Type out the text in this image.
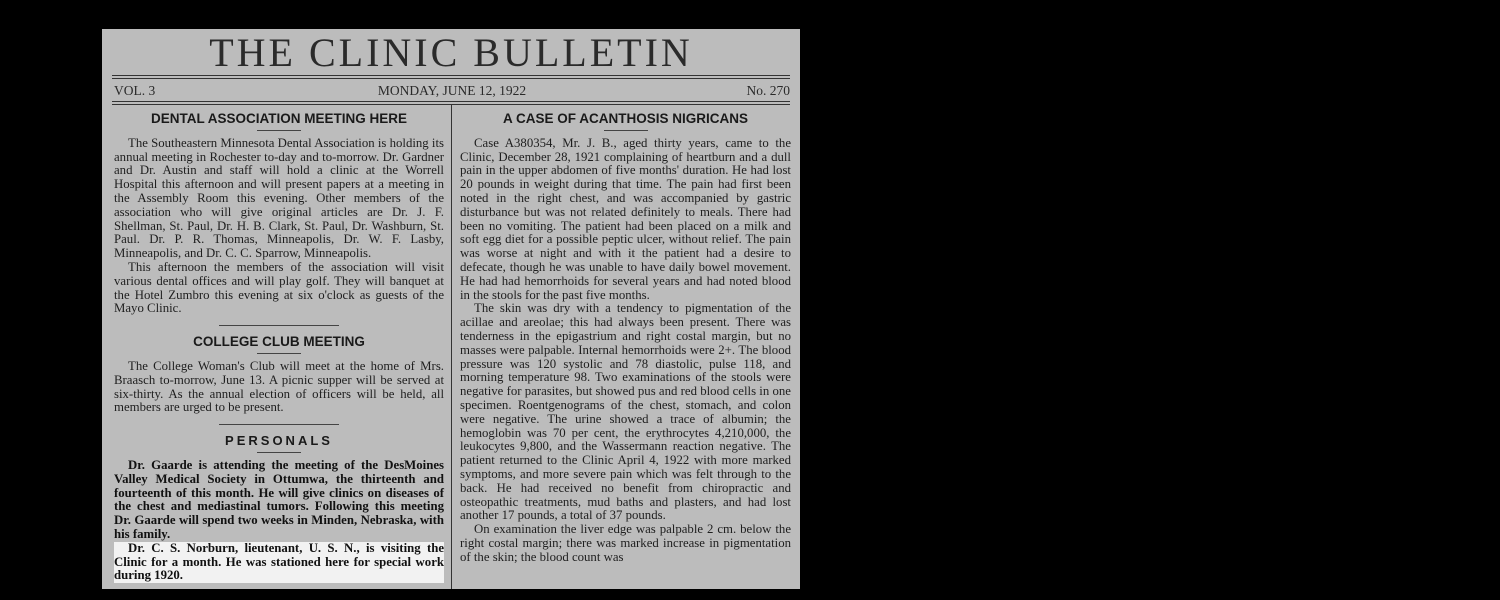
THE CLINIC BULLETIN
VOL. 3	MONDAY, JUNE 12, 1922	No. 270
DENTAL ASSOCIATION MEETING HERE

The Southeastern Minnesota Dental Association is holding its annual meeting in Rochester to-day and to-morrow. Dr. Gardner and Dr. Austin and staff will hold a clinic at the Worrell Hospital this afternoon and will present papers at a meeting in the Assembly Room this evening. Other members of the association who will give original articles are Dr. J. F. Shellman, St. Paul, Dr. H. B. Clark, St. Paul, Dr. Washburn, St. Paul. Dr. P. R. Thomas, Minneapolis, Dr. W. F. Lasby, Minneapolis, and Dr. C. C. Sparrow, Minneapolis.

This afternoon the members of the association will visit various dental offices and will play golf. They will banquet at the Hotel Zumbro this evening at six o'clock as guests of the Mayo Clinic.

COLLEGE CLUB MEETING

The College Woman's Club will meet at the home of Mrs. Braasch to-morrow, June 13. A picnic supper will be served at six-thirty. As the annual election of officers will be held, all members are urged to be present.

PERSONALS

Dr. Gaarde is attending the meeting of the DesMoines Valley Medical Society in Ottumwa, the thirteenth and fourteenth of this month. He will give clinics on diseases of the chest and mediastinal tumors. Following this meeting Dr. Gaarde will spend two weeks in Minden, Nebraska, with his family.

Dr. C. S. Norburn, lieutenant, U. S. N., is visiting the Clinic for a month. He was stationed here for special work during 1920.

A CASE OF ACANTHOSIS NIGRICANS

Case A380354, Mr. J. B., aged thirty years, came to the Clinic, December 28, 1921 complaining of heartburn and a dull pain in the upper abdomen of five months' duration. He had lost 20 pounds in weight during that time. The pain had first been noted in the right chest, and was accompanied by gastric disturbance but was not related definitely to meals. There had been no vomiting. The patient had been placed on a milk and soft egg diet for a possible peptic ulcer, without relief. The pain was worse at night and with it the patient had a desire to defecate, though he was unable to have daily bowel movement. He had had hemorrhoids for several years and had noted blood in the stools for the past five months.

The skin was dry with a tendency to pigmentation of the acillae and areolae; this had always been present. There was tenderness in the epigastrium and right costal margin, but no masses were palpable. Internal hemorrhoids were 2+. The blood pressure was 120 systolic and 78 diastolic, pulse 118, and morning temperature 98. Two examinations of the stools were negative for parasites, but showed pus and red blood cells in one specimen. Roentgenograms of the chest, stomach, and colon were negative. The urine showed a trace of albumin; the hemoglobin was 70 per cent, the erythrocytes 4,210,000, the leukocytes 9,800, and the Wassermann reaction negative. The patient returned to the Clinic April 4, 1922 with more marked symptoms, and more severe pain which was felt through to the back. He had received no benefit from chiropractic and osteopathic treatments, mud baths and plasters, and had lost another 17 pounds, a total of 37 pounds.

On examination the liver edge was palpable 2 cm. below the right costal margin; there was marked increase in pigmentation of the skin; the blood count was
